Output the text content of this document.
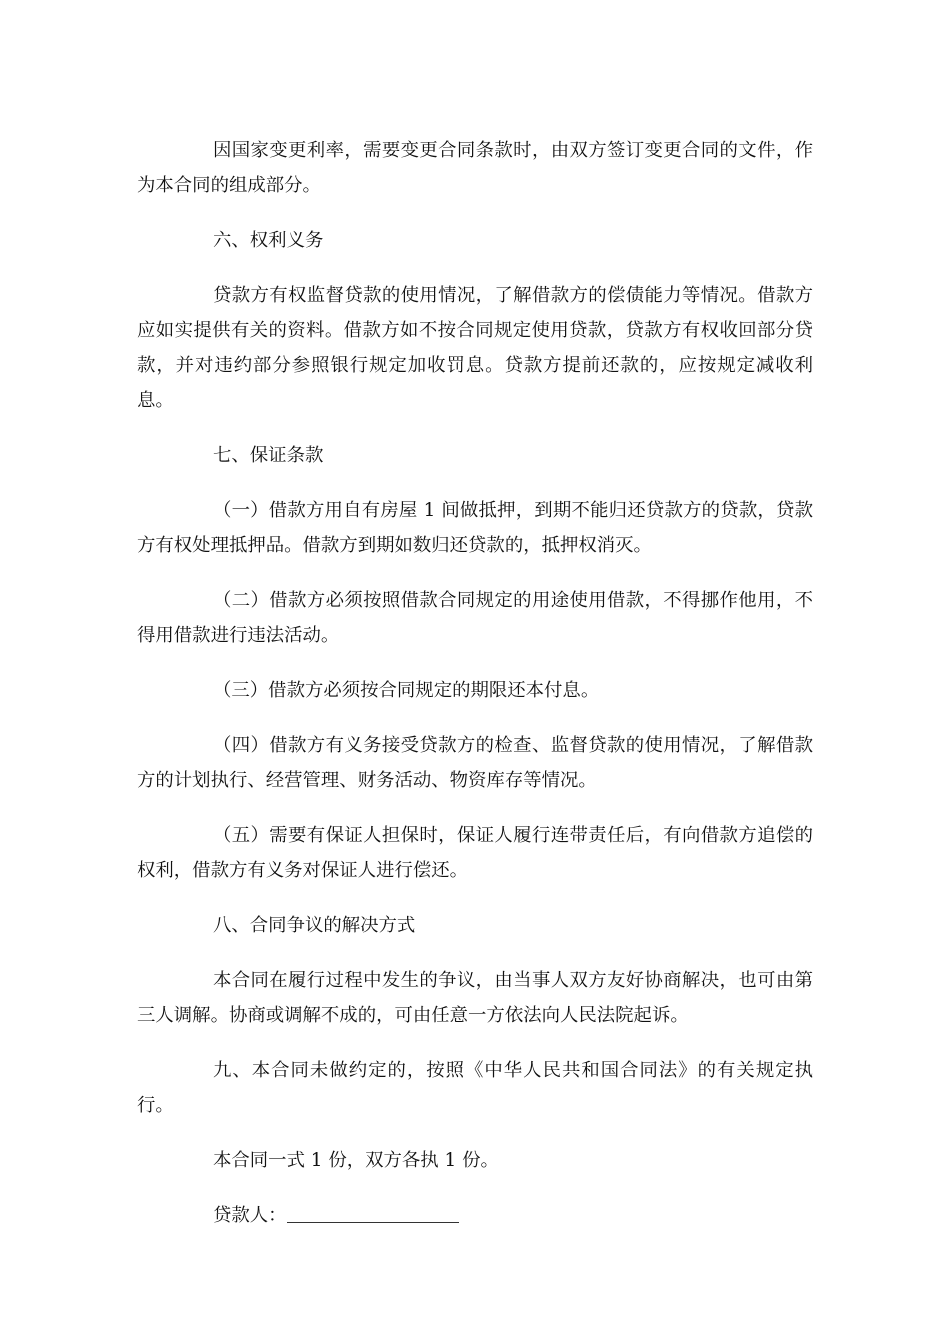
因国家变更利率，需要变更合同条款时，由双方签订变更合同的文件，作为本合同的组成部分。

六、权利义务

贷款方有权监督贷款的使用情况，了解借款方的偿债能力等情况。借款方应如实提供有关的资料。借款方如不按合同规定使用贷款，贷款方有权收回部分贷款，并对违约部分参照银行规定加收罚息。贷款方提前还款的，应按规定减收利息。

七、保证条款

（一）借款方用自有房屋 1 间做抵押，到期不能归还贷款方的贷款，贷款方有权处理抵押品。借款方到期如数归还贷款的，抵押权消灭。

（二）借款方必须按照借款合同规定的用途使用借款，不得挪作他用，不得用借款进行违法活动。

（三）借款方必须按合同规定的期限还本付息。

（四）借款方有义务接受贷款方的检查、监督贷款的使用情况，了解借款方的计划执行、经营管理、财务活动、物资库存等情况。

（五）需要有保证人担保时，保证人履行连带责任后，有向借款方追偿的权利，借款方有义务对保证人进行偿还。

八、合同争议的解决方式

本合同在履行过程中发生的争议，由当事人双方友好协商解决，也可由第三人调解。协商或调解不成的，可由任意一方依法向人民法院起诉。

九、本合同未做约定的，按照《中华人民共和国合同法》的有关规定执行。

本合同一式 1 份，双方各执 1 份。

贷款人：
